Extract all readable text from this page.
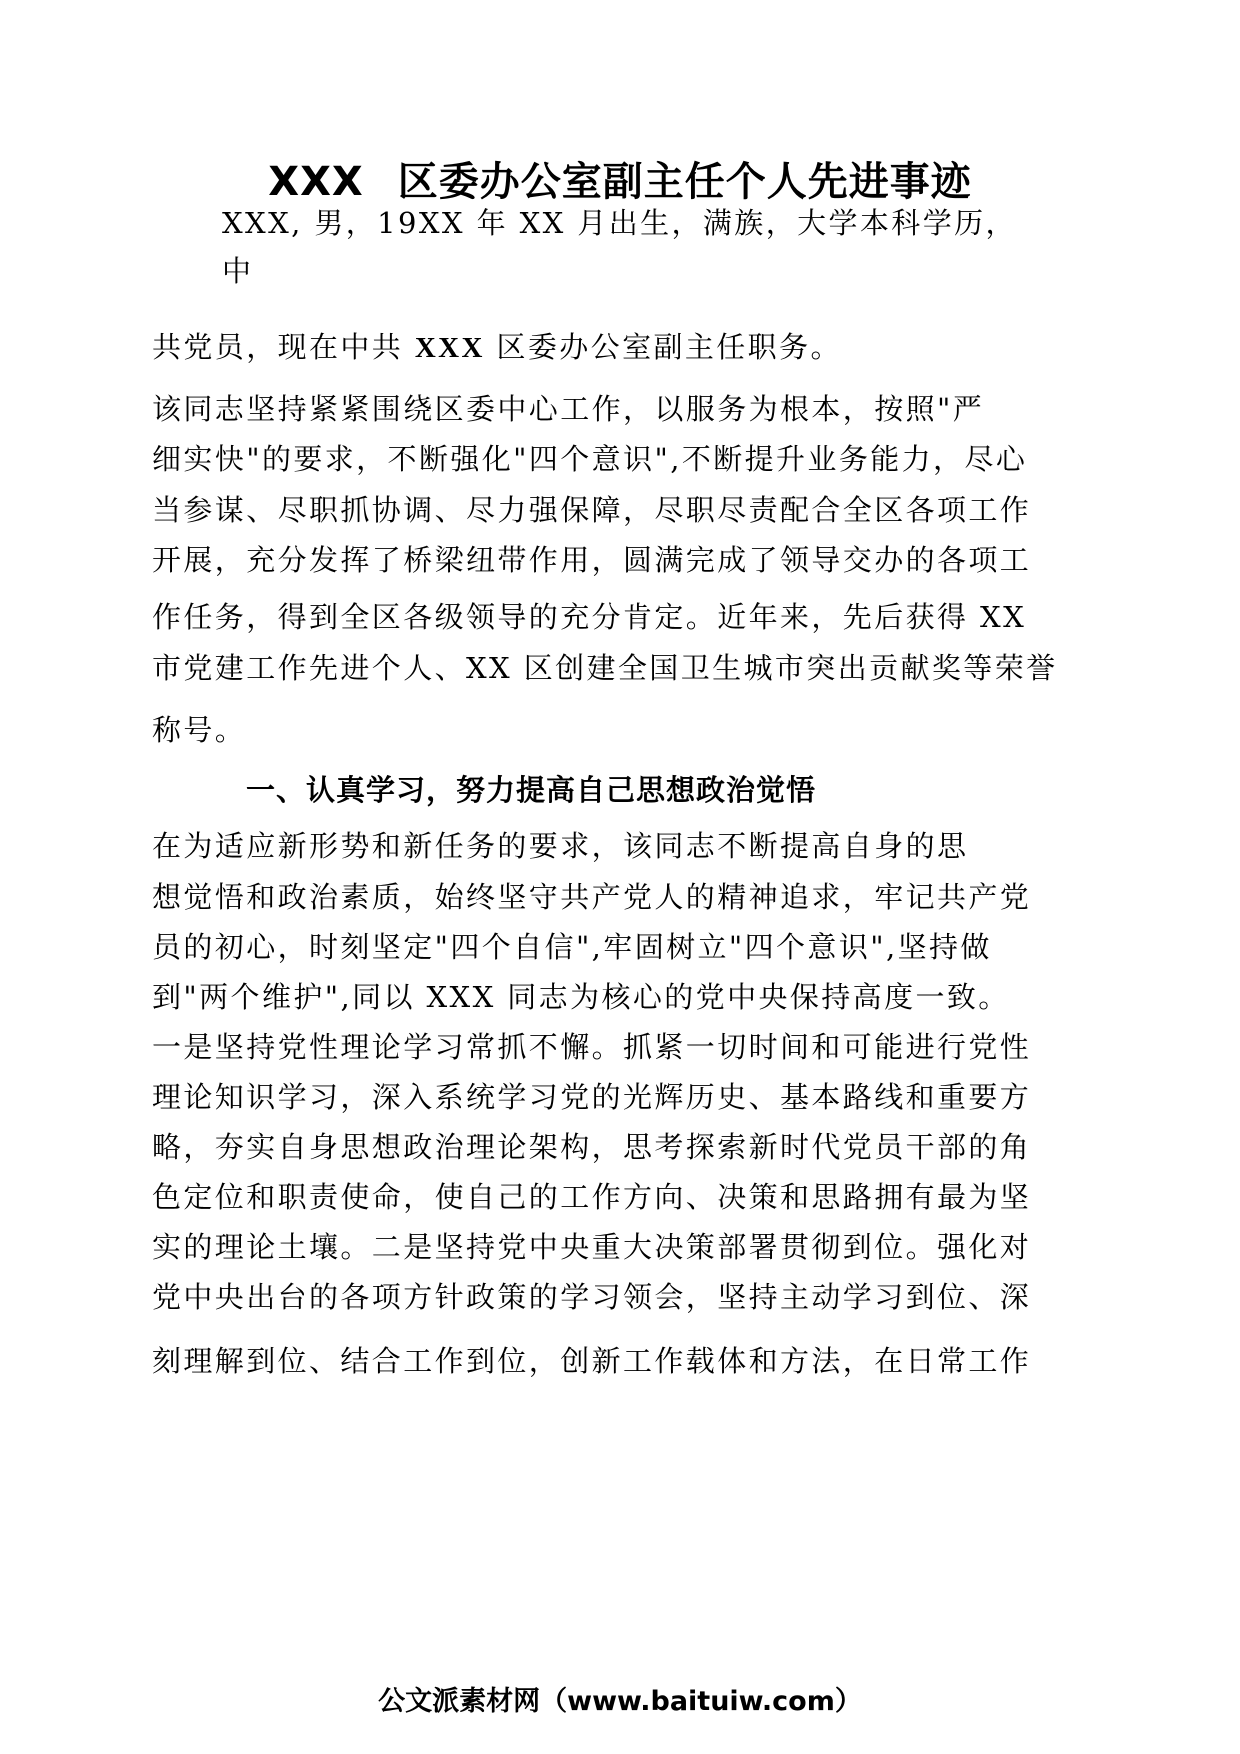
XXX 区委办公室副主任个人先进事迹
XXX, 男，19XX 年 XX 月出生，满族，大学本科学历，
中
共党员，现在中共 XXX 区委办公室副主任职务。
该同志坚持紧紧围绕区委中心工作，以服务为根本，按照"严
细实快"的要求，不断强化"四个意识",不断提升业务能力，尽心
当参谋、尽职抓协调、尽力强保障，尽职尽责配合全区各项工作
开展，充分发挥了桥梁纽带作用，圆满完成了领导交办的各项工
作任务，得到全区各级领导的充分肯定。近年来，先后获得 XX
市党建工作先进个人、XX 区创建全国卫生城市突出贡献奖等荣誉
称号。
一、认真学习，努力提高自己思想政治觉悟
在为适应新形势和新任务的要求，该同志不断提高自身的思
想觉悟和政治素质，始终坚守共产党人的精神追求，牢记共产党
员的初心，时刻坚定"四个自信",牢固树立"四个意识",坚持做
到"两个维护",同以 XXX 同志为核心的党中央保持高度一致。
一是坚持党性理论学习常抓不懈。抓紧一切时间和可能进行党性
理论知识学习，深入系统学习党的光辉历史、基本路线和重要方
略，夯实自身思想政治理论架构，思考探索新时代党员干部的角
色定位和职责使命，使自己的工作方向、决策和思路拥有最为坚
实的理论土壤。二是坚持党中央重大决策部署贯彻到位。强化对
党中央出台的各项方针政策的学习领会，坚持主动学习到位、深
刻理解到位、结合工作到位，创新工作载体和方法，在日常工作
公文派素材网（www.baituiw.com）
